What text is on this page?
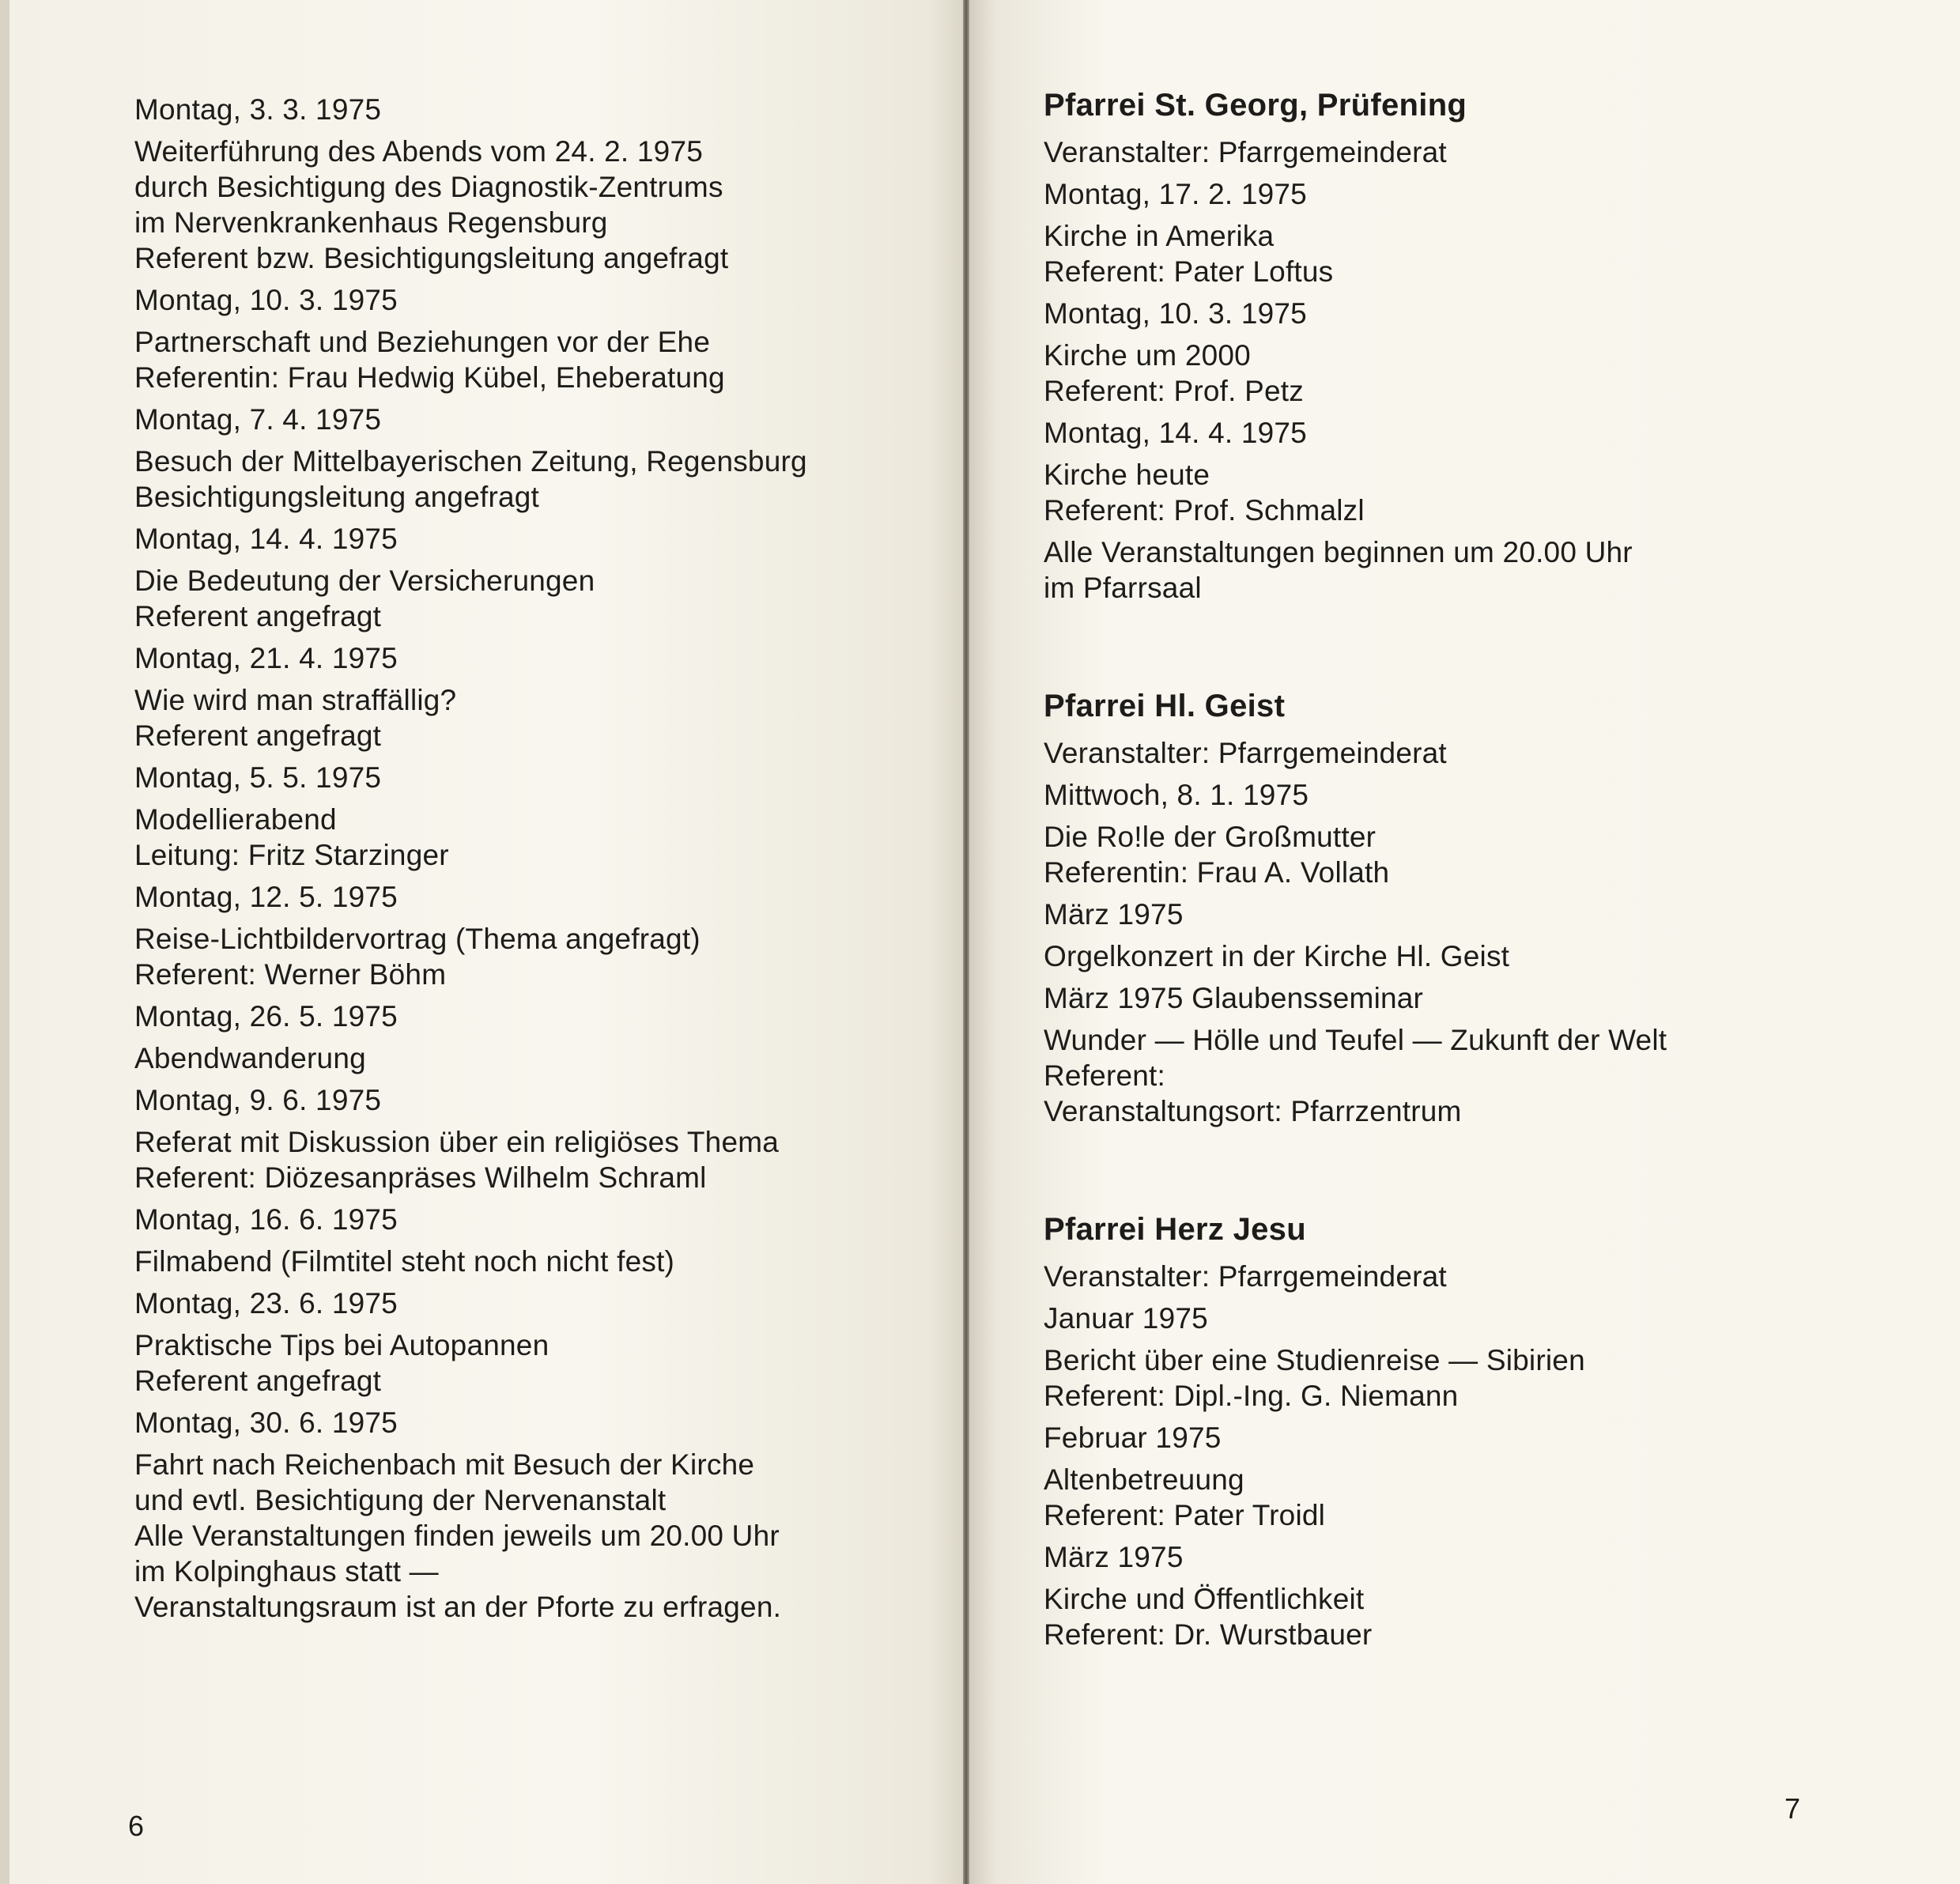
Montag, 3. 3. 1975
Weiterführung des Abends vom 24. 2. 1975
durch Besichtigung des Diagnostik-Zentrums
im Nervenkrankenhaus Regensburg
Referent bzw. Besichtigungsleitung angefragt
Montag, 10. 3. 1975
Partnerschaft und Beziehungen vor der Ehe
Referentin: Frau Hedwig Kübel, Eheberatung
Montag, 7. 4. 1975
Besuch der Mittelbayerischen Zeitung, Regensburg
Besichtigungsleitung angefragt
Montag, 14. 4. 1975
Die Bedeutung der Versicherungen
Referent angefragt
Montag, 21. 4. 1975
Wie wird man straffällig?
Referent angefragt
Montag, 5. 5. 1975
Modellierabend
Leitung: Fritz Starzinger
Montag, 12. 5. 1975
Reise-Lichtbildervortrag (Thema angefragt)
Referent: Werner Böhm
Montag, 26. 5. 1975
Abendwanderung
Montag, 9. 6. 1975
Referat mit Diskussion über ein religiöses Thema
Referent: Diözesanpräses Wilhelm Schraml
Montag, 16. 6. 1975
Filmabend (Filmtitel steht noch nicht fest)
Montag, 23. 6. 1975
Praktische Tips bei Autopannen
Referent angefragt
Montag, 30. 6. 1975
Fahrt nach Reichenbach mit Besuch der Kirche
und evtl. Besichtigung der Nervenanstalt
Alle Veranstaltungen finden jeweils um 20.00 Uhr
im Kolpinghaus statt —
Veranstaltungsraum ist an der Pforte zu erfragen.
Pfarrei St. Georg, Prüfening
Veranstalter: Pfarrgemeinderat
Montag, 17. 2. 1975
Kirche in Amerika
Referent: Pater Loftus
Montag, 10. 3. 1975
Kirche um 2000
Referent: Prof. Petz
Montag, 14. 4. 1975
Kirche heute
Referent: Prof. Schmalzl
Alle Veranstaltungen beginnen um 20.00 Uhr
im Pfarrsaal
Pfarrei Hl. Geist
Veranstalter: Pfarrgemeinderat
Mittwoch, 8. 1. 1975
Die Ro!le der Großmutter
Referentin: Frau A. Vollath
März 1975
Orgelkonzert in der Kirche Hl. Geist
März 1975 Glaubensseminar
Wunder — Hölle und Teufel — Zukunft der Welt
Referent:
Veranstaltungsort: Pfarrzentrum
Pfarrei Herz Jesu
Veranstalter: Pfarrgemeinderat
Januar 1975
Bericht über eine Studienreise — Sibirien
Referent: Dipl.-Ing. G. Niemann
Februar 1975
Altenbetreuung
Referent: Pater Troidl
März 1975
Kirche und Öffentlichkeit
Referent: Dr. Wurstbauer
6
7
